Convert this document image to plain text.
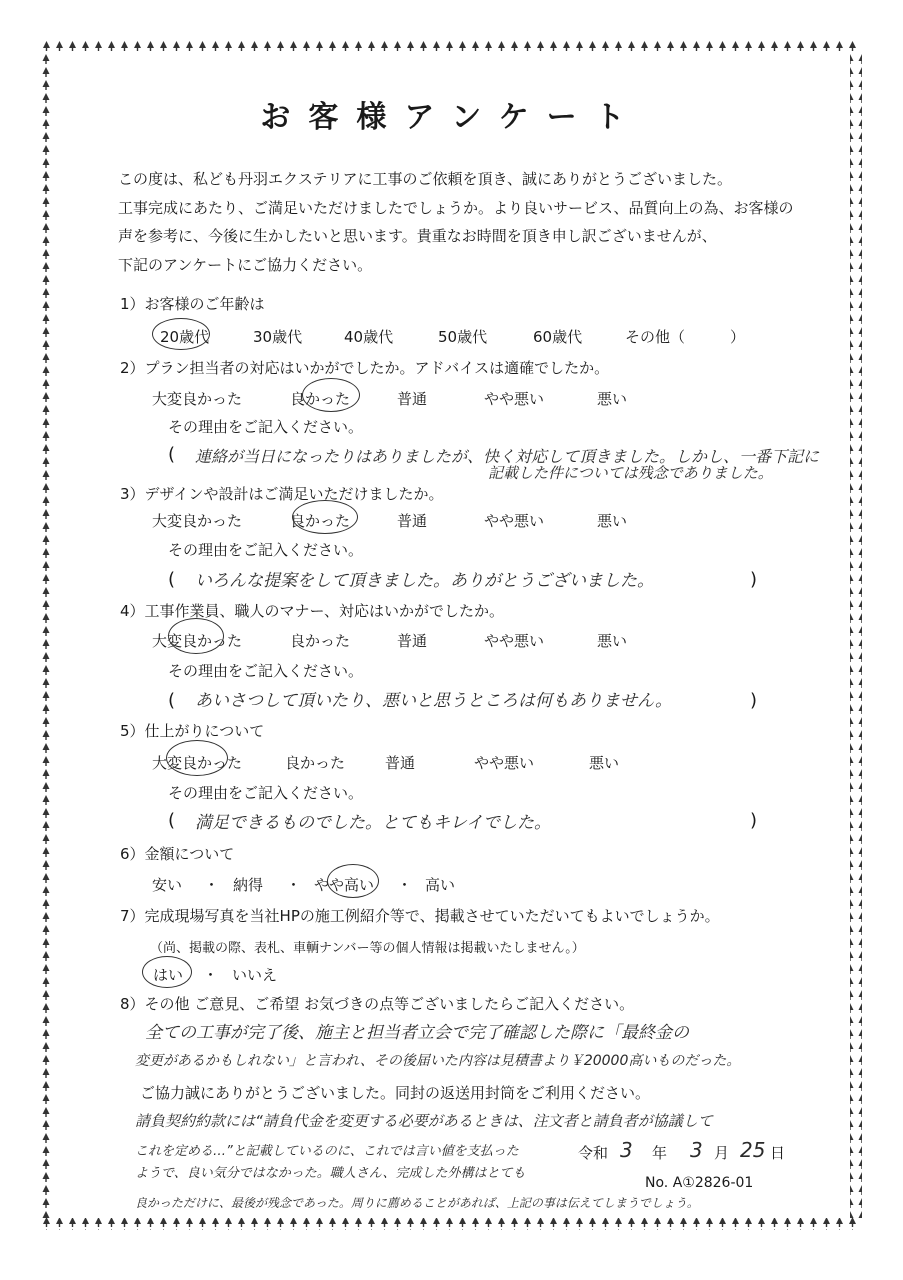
お客様アンケート
この度は、私ども丹羽エクステリアに工事のご依頼を頂き、誠にありがとうございました。
工事完成にあたり、ご満足いただけましたでしょうか。より良いサービス、品質向上の為、お客様の
声を参考に、今後に生かしたいと思います。貴重なお時間を頂き申し訳ございませんが、
下記のアンケートにご協力ください。
1）お客様のご年齢は
20歳代	30歳代	40歳代	50歳代	60歳代	その他（　　　）
2）プラン担当者の対応はいかがでしたか。アドバイスは適確でしたか。
大変良かった	良かった	普通	やや悪い	悪い
その理由をご記入ください。
( 連絡が当日になったりはありましたが、快く対応して頂きました。しかし、一番下記に
記載した件については残念でありました。
3）デザインや設計はご満足いただけましたか。
大変良かった	良かった	普通	やや悪い	悪い
その理由をご記入ください。
( いろんな提案をして頂きました。ありがとうございました。	)
4）工事作業員、職人のマナー、対応はいかがでしたか。
大変良かった	良かった	普通	やや悪い	悪い
その理由をご記入ください。
( あいさつして頂いたり、悪いと思うところは何もありません。	)
5）仕上がりについて
大変良かった	良かった	普通	やや悪い	悪い
その理由をご記入ください。
( 満足できるものでした。とてもキレイでした。	)
6）金額について
安い ・ 納得 ・ やや高い ・ 高い
7）完成現場写真を当社HPの施工例紹介等で、掲載させていただいてもよいでしょうか。
（尚、掲載の際、表札、車輌ナンバー等の個人情報は掲載いたしません。）
はい ・ いいえ
8）その他 ご意見、ご希望 お気づきの点等ございましたらご記入ください。
全ての工事が完了後、施主と担当者立会で完了確認した際に「最終金の
変更があるかもしれない」と言われ、その後届いた内容は見積書より￥20000高いものだった。
ご協力誠にありがとうございました。同封の返送用封筒をご利用ください。
請負契約約款には“請負代金を変更する必要があるときは、注文者と請負者が協議して
これを定める…”と記載しているのに、これでは言い値を支払った	令和 3 年 3 月 25 日
ようで、良い気分ではなかった。職人さん、完成した外構はとても
No. A①2826-01
良かっただけに、最後が残念であった。周りに薦めることがあれば、上記の事は伝えてしまうでしょう。
